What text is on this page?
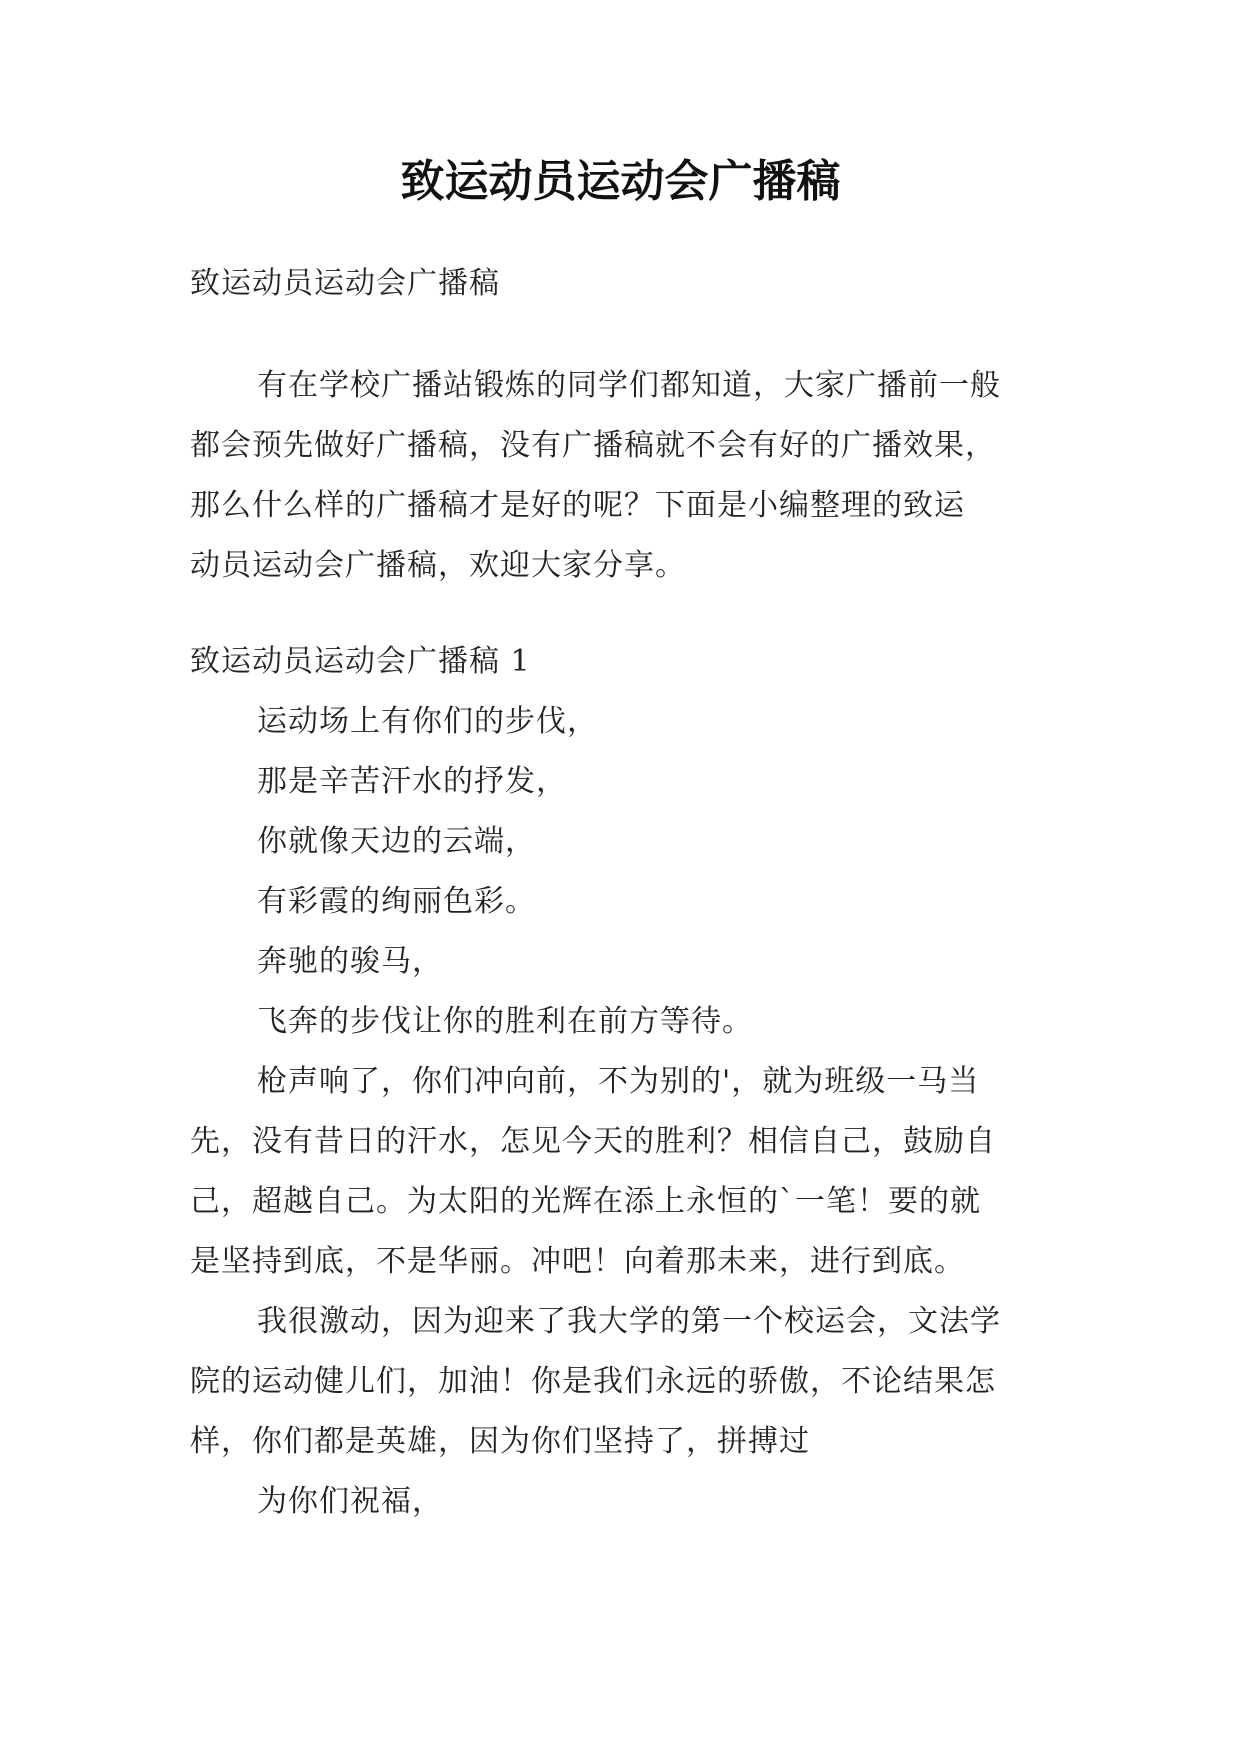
致运动员运动会广播稿

致运动员运动会广播稿

有在学校广播站锻炼的同学们都知道，大家广播前一般

都会预先做好广播稿，没有广播稿就不会有好的广播效果，

那么什么样的广播稿才是好的呢？下面是小编整理的致运

动员运动会广播稿，欢迎大家分享。

致运动员运动会广播稿 1

运动场上有你们的步伐，

那是辛苦汗水的抒发，

你就像天边的云端，

有彩霞的绚丽色彩。

奔驰的骏马，

飞奔的步伐让你的胜利在前方等待。

枪声响了，你们冲向前，不为别的'，就为班级一马当

先，没有昔日的汗水，怎见今天的胜利？相信自己，鼓励自

己，超越自己。为太阳的光辉在添上永恒的`一笔！要的就

是坚持到底，不是华丽。冲吧！向着那未来，进行到底。

我很激动，因为迎来了我大学的第一个校运会，文法学

院的运动健儿们，加油！你是我们永远的骄傲，不论结果怎

样，你们都是英雄，因为你们坚持了，拼搏过

为你们祝福，
